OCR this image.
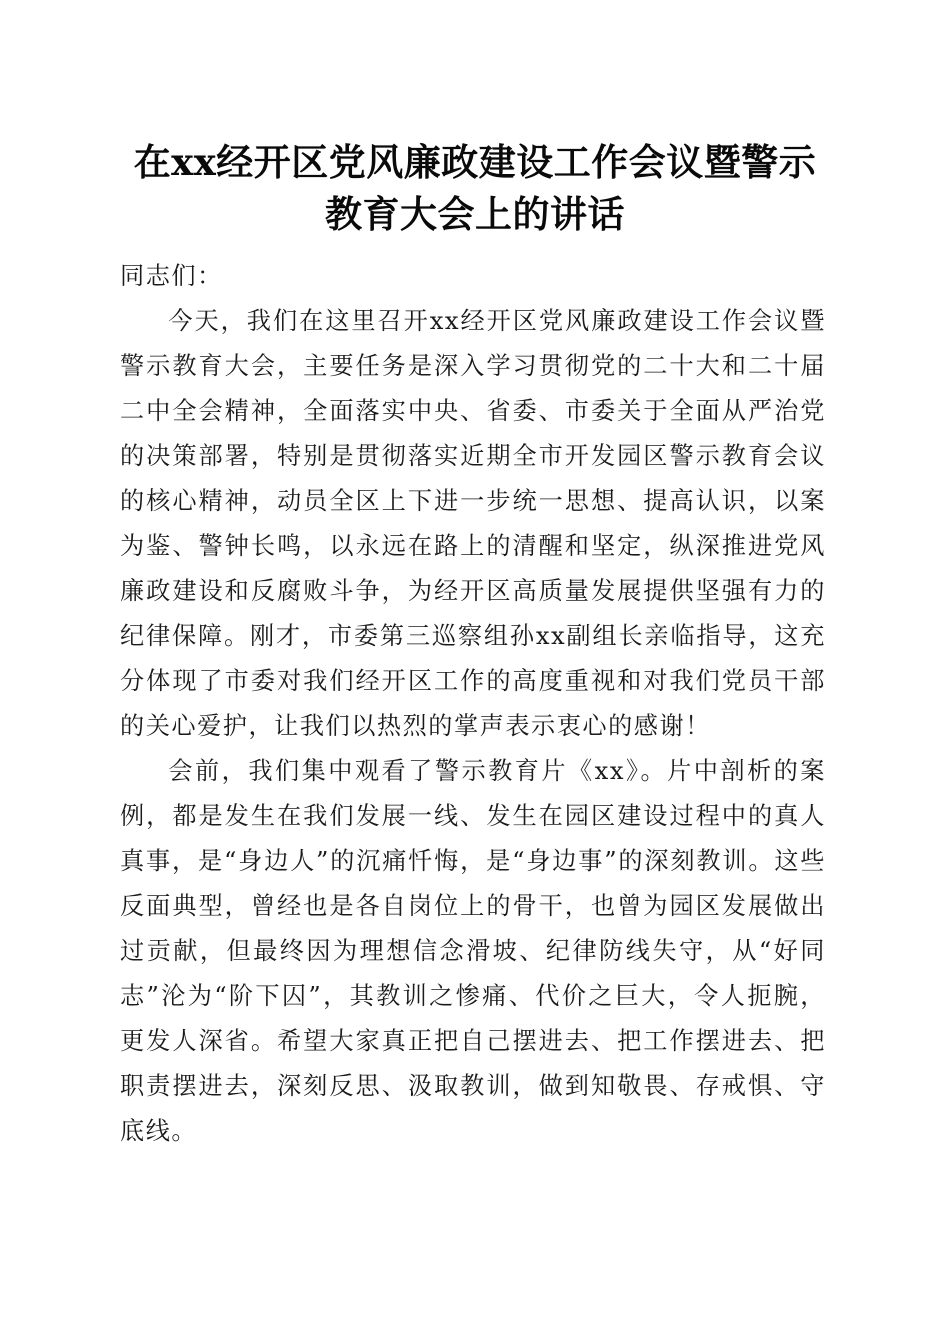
在xx经开区党风廉政建设工作会议暨警示教育大会上的讲话

同志们：

今天，我们在这里召开xx经开区党风廉政建设工作会议暨警示教育大会，主要任务是深入学习贯彻党的二十大和二十届二中全会精神，全面落实中央、省委、市委关于全面从严治党的决策部署，特别是贯彻落实近期全市开发园区警示教育会议的核心精神，动员全区上下进一步统一思想、提高认识，以案为鉴、警钟长鸣，以永远在路上的清醒和坚定，纵深推进党风廉政建设和反腐败斗争，为经开区高质量发展提供坚强有力的纪律保障。刚才，市委第三巡察组孙xx副组长亲临指导，这充分体现了市委对我们经开区工作的高度重视和对我们党员干部的关心爱护，让我们以热烈的掌声表示衷心的感谢！

会前，我们集中观看了警示教育片《xx》。片中剖析的案例，都是发生在我们发展一线、发生在园区建设过程中的真人真事，是“身边人”的沉痛忏悔，是“身边事”的深刻教训。这些反面典型，曾经也是各自岗位上的骨干，也曾为园区发展做出过贡献，但最终因为理想信念滑坡、纪律防线失守，从“好同志”沦为“阶下囚”，其教训之惨痛、代价之巨大，令人扼腕，更发人深省。希望大家真正把自己摆进去、把工作摆进去、把职责摆进去，深刻反思、汲取教训，做到知敬畏、存戒惧、守底线。
